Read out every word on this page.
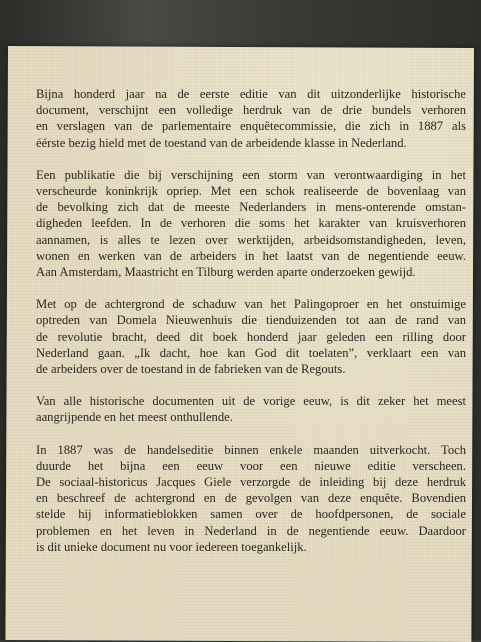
Bijna honderd jaar na de eerste editie van dit uitzonderlijke historische
document, verschijnt een volledige herdruk van de drie bundels verhoren
en verslagen van de parlementaire enquêtecommissie, die zich in 1887 als
éérste bezig hield met de toestand van de arbeidende klasse in Nederland.
Een publikatie die bij verschijning een storm van verontwaardiging in het
verscheurde koninkrijk opriep. Met een schok realiseerde de bovenlaag van
de bevolking zich dat de meeste Nederlanders in mens-onterende omstan-
digheden leefden. In de verhoren die soms het karakter van kruisverhoren
aannamen, is alles te lezen over werktijden, arbeidsomstandigheden, leven,
wonen en werken van de arbeiders in het laatst van de negentiende eeuw.
Aan Amsterdam, Maastricht en Tilburg werden aparte onderzoeken gewijd.
Met op de achtergrond de schaduw van het Palingoproer en het onstuimige
optreden van Domela Nieuwenhuis die tienduizenden tot aan de rand van
de revolutie bracht, deed dit boek honderd jaar geleden een rilling door
Nederland gaan. „Ik dacht, hoe kan God dit toelaten”, verklaart een van
de arbeiders over de toestand in de fabrieken van de Regouts.
Van alle historische documenten uit de vorige eeuw, is dit zeker het meest
aangrijpende en het meest onthullende.
In 1887 was de handelseditie binnen enkele maanden uitverkocht. Toch
duurde het bijna een eeuw voor een nieuwe editie verscheen.
De sociaal-historicus Jacques Giele verzorgde de inleiding bij deze herdruk
en beschreef de achtergrond en de gevolgen van deze enquête. Bovendien
stelde hij informatieblokken samen over de hoofdpersonen, de sociale
problemen en het leven in Nederland in de negentiende eeuw. Daardoor
is dit unieke document nu voor iedereen toegankelijk.
